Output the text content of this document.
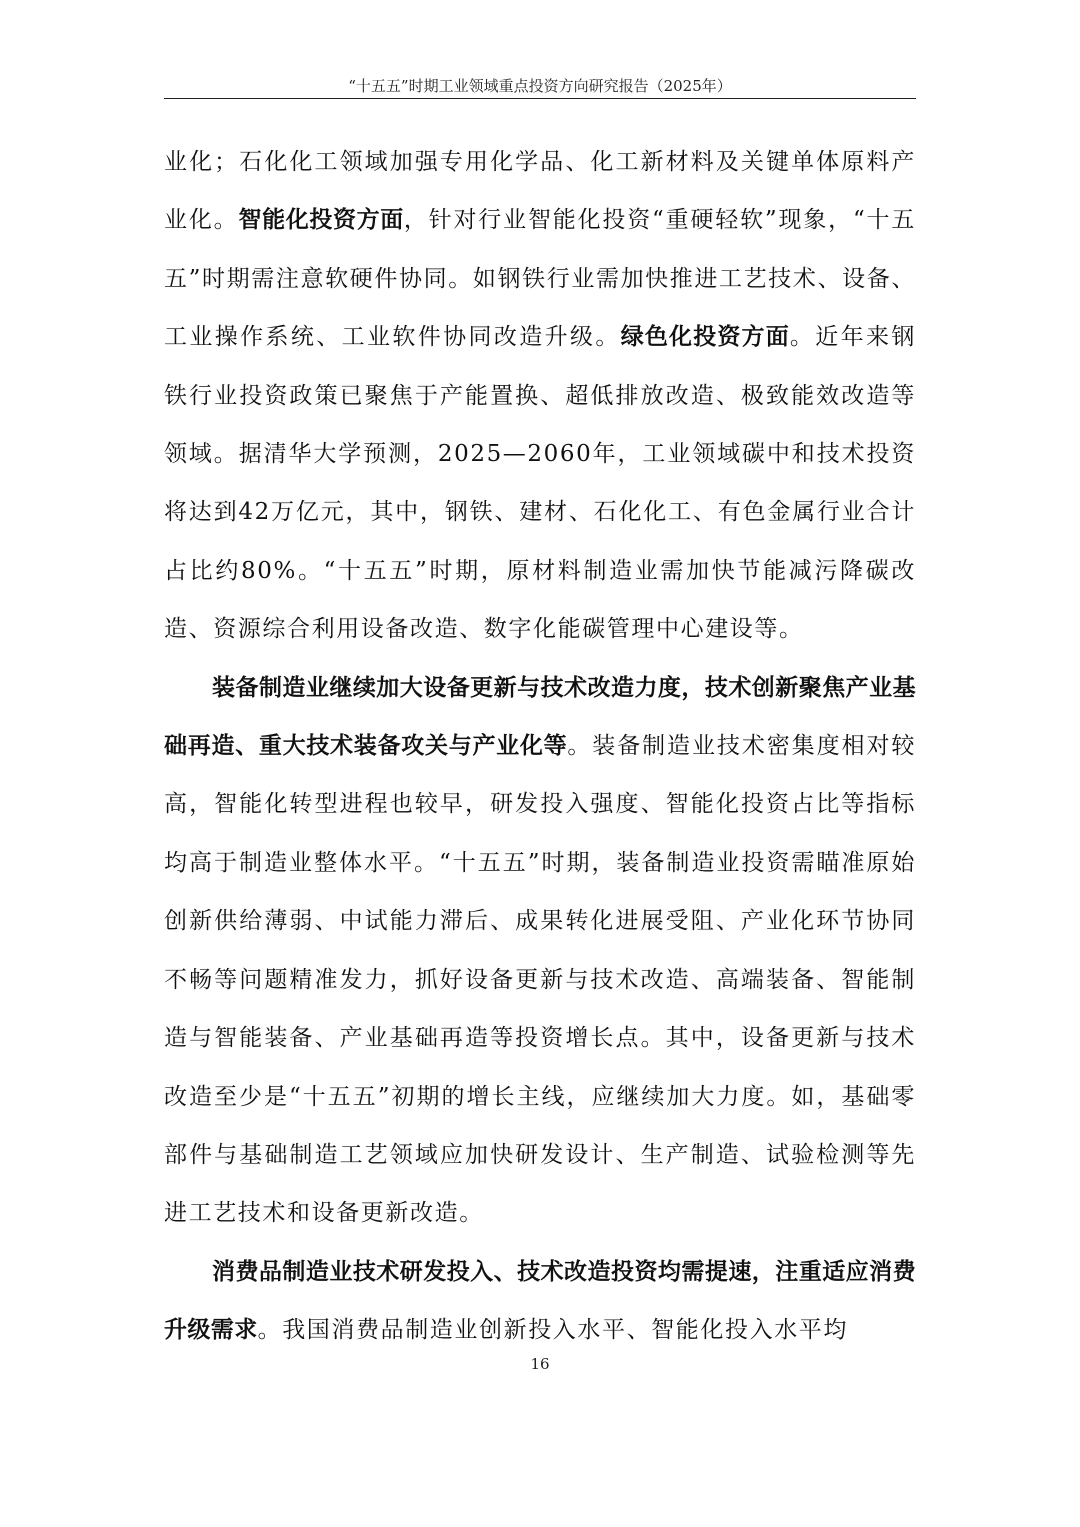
“十五五”时期工业领域重点投资方向研究报告（2025年）

业化；石化化工领域加强专用化学品、化工新材料及关键单体原料产业化。智能化投资方面，针对行业智能化投资“重硬轻软”现象，“十五五”时期需注意软硬件协同。如钢铁行业需加快推进工艺技术、设备、工业操作系统、工业软件协同改造升级。绿色化投资方面。近年来钢铁行业投资政策已聚焦于产能置换、超低排放改造、极致能效改造等领域。据清华大学预测，2025—2060年，工业领域碳中和技术投资将达到42万亿元，其中，钢铁、建材、石化化工、有色金属行业合计占比约80%。“十五五”时期，原材料制造业需加快节能减污降碳改造、资源综合利用设备改造、数字化能碳管理中心建设等。

装备制造业继续加大设备更新与技术改造力度，技术创新聚焦产业基础再造、重大技术装备攻关与产业化等。装备制造业技术密集度相对较高，智能化转型进程也较早，研发投入强度、智能化投资占比等指标均高于制造业整体水平。“十五五”时期，装备制造业投资需瞄准原始创新供给薄弱、中试能力滞后、成果转化进展受阻、产业化环节协同不畅等问题精准发力，抓好设备更新与技术改造、高端装备、智能制造与智能装备、产业基础再造等投资增长点。其中，设备更新与技术改造至少是“十五五”初期的增长主线，应继续加大力度。如，基础零部件与基础制造工艺领域应加快研发设计、生产制造、试验检测等先进工艺技术和设备更新改造。

消费品制造业技术研发投入、技术改造投资均需提速，注重适应消费升级需求。我国消费品制造业创新投入水平、智能化投入水平均

16
